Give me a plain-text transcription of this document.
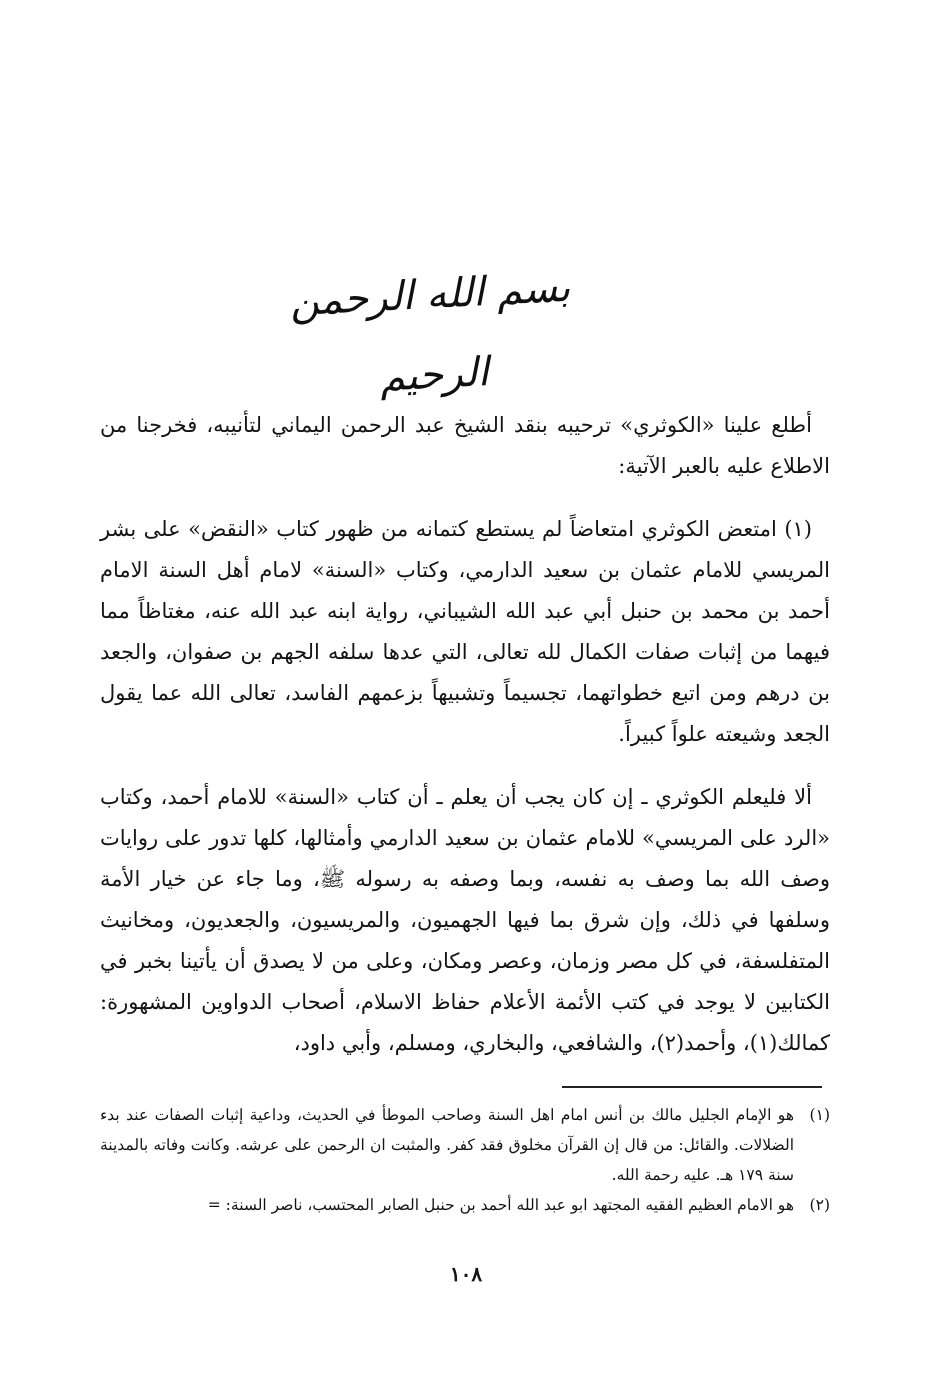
بسم الله الرحمن الرحيم

أطلع علينا «الكوثري» ترحيبه بنقد الشيخ عبد الرحمن اليماني لتأنيبه، فخرجنا من الاطلاع عليه بالعبر الآتية:

(١) امتعض الكوثري امتعاضاً لم يستطع كتمانه من ظهور كتاب «النقض» على بشر المريسي للامام عثمان بن سعيد الدارمي، وكتاب «السنة» لامام أهل السنة الامام أحمد بن محمد بن حنبل أبي عبد الله الشيباني، رواية ابنه عبد الله عنه، مغتاظاً مما فيهما من إثبات صفات الكمال لله تعالى، التي عدها سلفه الجهم بن صفوان، والجعد بن درهم ومن اتبع خطواتهما، تجسيماً وتشبيهاً بزعمهم الفاسد، تعالى الله عما يقول الجعد وشيعته علواً كبيراً.

ألا فليعلم الكوثري ـ إن كان يجب أن يعلم ـ أن كتاب «السنة» للامام أحمد، وكتاب «الرد على المريسي» للامام عثمان بن سعيد الدارمي وأمثالها، كلها تدور على روايات وصف الله بما وصف به نفسه، وبما وصفه به رسوله ﷺ، وما جاء عن خيار الأمة وسلفها في ذلك، وإن شرق بما فيها الجهميون، والمريسيون، والجعديون، ومخانيث المتفلسفة، في كل مصر وزمان، وعصر ومكان، وعلى من لا يصدق أن يأتينا بخبر في الكتابين لا يوجد في كتب الأئمة الأعلام حفاظ الاسلام، أصحاب الدواوين المشهورة: كمالك(١)، وأحمد(٢)، والشافعي، والبخاري، ومسلم، وأبي داود،

(١)
هو الإمام الجليل مالك بن أنس امام اهل السنة وصاحب الموطأ في الحديث، وداعية إثبات الصفات عند بدء الضلالات. والقائل: من قال إن القرآن مخلوق فقد كفر. والمثبت ان الرحمن على عرشه. وكانت وفاته بالمدينة سنة ١٧٩ هـ. عليه رحمة الله.
(٢)
هو الامام العظيم الفقيه المجتهد ابو عبد الله أحمد بن حنبل الصابر المحتسب، ناصر السنة: =
١٠٨
